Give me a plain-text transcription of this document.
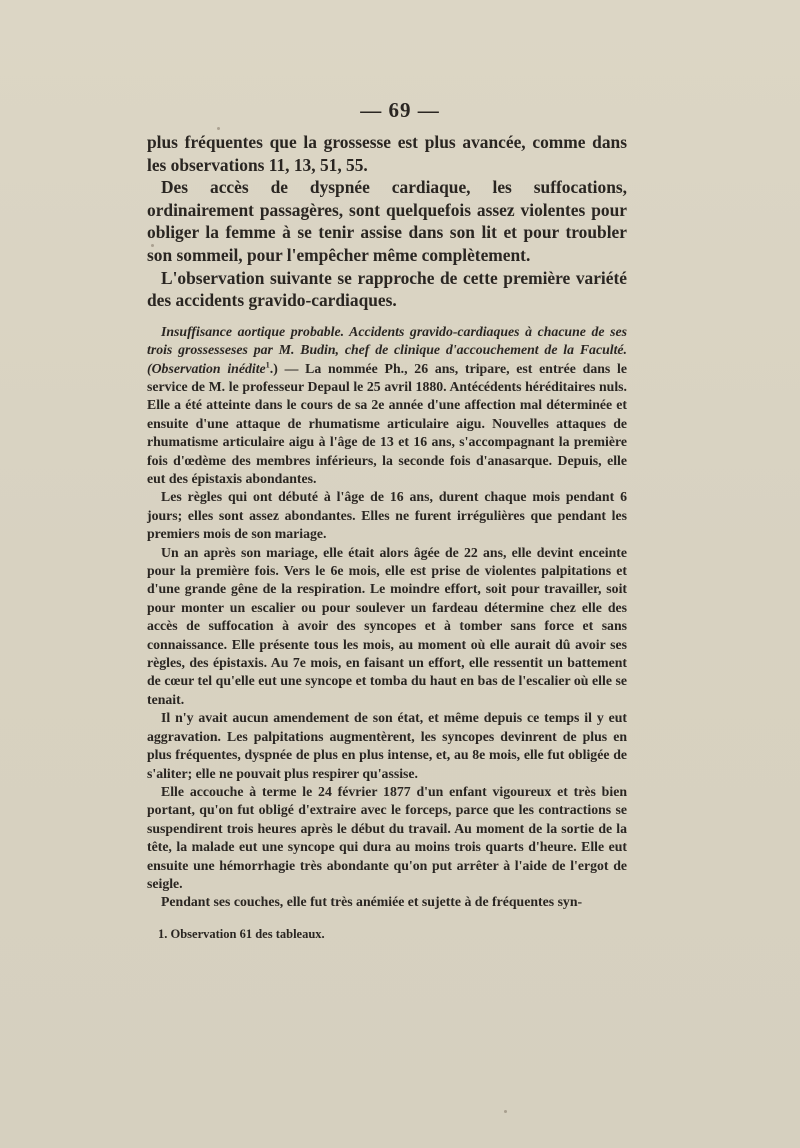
— 69 —

plus fréquentes que la grossesse est plus avancée, comme dans les observations 11, 13, 51, 55.

Des accès de dyspnée cardiaque, les suffocations, ordinairement passagères, sont quelquefois assez violentes pour obliger la femme à se tenir assise dans son lit et pour troubler son sommeil, pour l'empêcher même complètement.

L'observation suivante se rapproche de cette première variété des accidents gravido-cardiaques.

Insuffisance aortique probable. Accidents gravido-cardiaques à chacune de ses trois grossesseses par M. Budin, chef de clinique d'accouchement de la Faculté. (Observation inédite$^1$.) — La nommée Ph., 26 ans, tripare, est entrée dans le service de M. le professeur Depaul le 25 avril 1880. Antécédents héréditaires nuls. Elle a été atteinte dans le cours de sa 2e année d'une affection mal déterminée et ensuite d'une attaque de rhumatisme articulaire aigu. Nouvelles attaques de rhumatisme articulaire aigu à l'âge de 13 et 16 ans, s'accompagnant la première fois d'œdème des membres inférieurs, la seconde fois d'anasarque. Depuis, elle eut des épistaxis abondantes.

Les règles qui ont débuté à l'âge de 16 ans, durent chaque mois pendant 6 jours; elles sont assez abondantes. Elles ne furent irrégulières que pendant les premiers mois de son mariage.

Un an après son mariage, elle était alors âgée de 22 ans, elle devint enceinte pour la première fois. Vers le 6e mois, elle est prise de violentes palpitations et d'une grande gêne de la respiration. Le moindre effort, soit pour travailler, soit pour monter un escalier ou pour soulever un fardeau détermine chez elle des accès de suffocation à avoir des syncopes et à tomber sans force et sans connaissance. Elle présente tous les mois, au moment où elle aurait dû avoir ses règles, des épistaxis. Au 7e mois, en faisant un effort, elle ressentit un battement de cœur tel qu'elle eut une syncope et tomba du haut en bas de l'escalier où elle se tenait.

Il n'y avait aucun amendement de son état, et même depuis ce temps il y eut aggravation. Les palpitations augmentèrent, les syncopes devinrent de plus en plus fréquentes, dyspnée de plus en plus intense, et, au 8e mois, elle fut obligée de s'aliter; elle ne pouvait plus respirer qu'assise.

Elle accouche à terme le 24 février 1877 d'un enfant vigoureux et très bien portant, qu'on fut obligé d'extraire avec le forceps, parce que les contractions se suspendirent trois heures après le début du travail. Au moment de la sortie de la tête, la malade eut une syncope qui dura au moins trois quarts d'heure. Elle eut ensuite une hémorrhagie très abondante qu'on put arrêter à l'aide de l'ergot de seigle.

Pendant ses couches, elle fut très anémiée et sujette à de fréquentes syn-

1. Observation 61 des tableaux.
